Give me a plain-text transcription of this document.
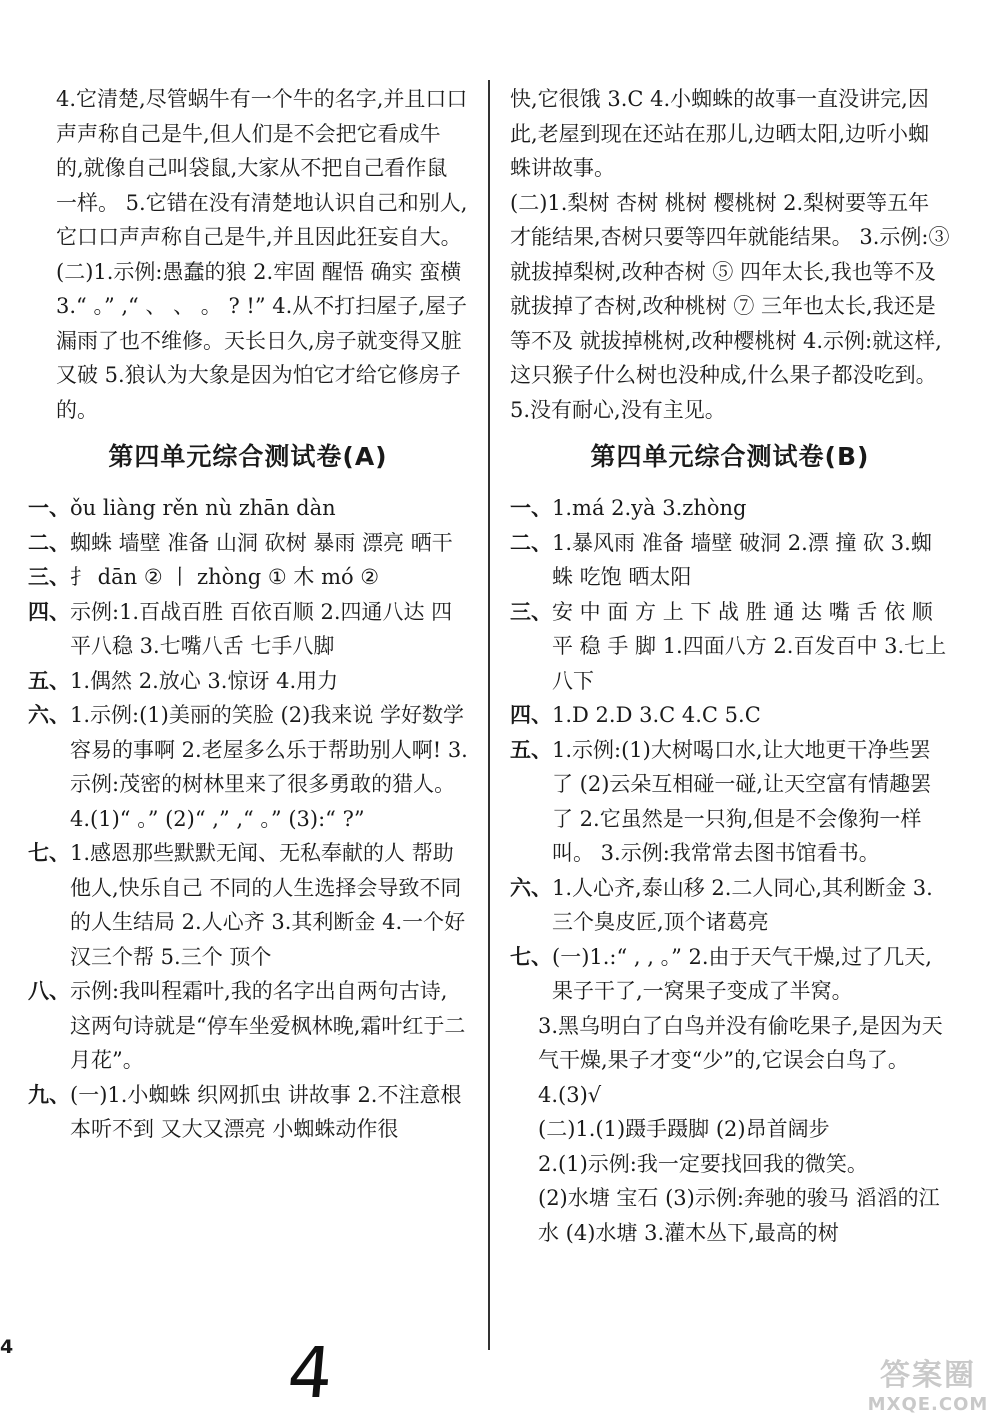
4.它清楚,尽管蜗牛有一个牛的名字,并且口口声声称自己是牛,但人们是不会把它看成牛的,就像自己叫袋鼠,大家从不把自己看作鼠一样。 5.它错在没有清楚地认识自己和别人,它口口声声称自己是牛,并且因此狂妄自大。

(二)1.示例:愚蠢的狼 2.牢固 醒悟 确实 蛮横 3.“ 。” ,“ 、 、 。 ? !” 4.从不打扫屋子,屋子漏雨了也不维修。天长日久,房子就变得又脏又破 5.狼认为大象是因为怕它才给它修房子的。

第四单元综合测试卷(A)
一、 ǒu liàng rěn nù zhān dàn
二、 蜘蛛 墙壁 准备 山洞 砍树 暴雨 漂亮 晒干
三、 扌 dān ② 丨 zhòng ① 木 mó ②
四、 示例:1.百战百胜 百依百顺 2.四通八达 四平八稳 3.七嘴八舌 七手八脚
五、 1.偶然 2.放心 3.惊讶 4.用力
六、 1.示例:(1)美丽的笑脸 (2)我来说 学好数学 容易的事啊 2.老屋多么乐于帮助别人啊! 3.示例:茂密的树林里来了很多勇敢的猎人。 4.(1)“ 。” (2)“ ,” ,“ 。” (3):“ ?”
七、 1.感恩那些默默无闻、无私奉献的人 帮助他人,快乐自己 不同的人生选择会导致不同的人生结局 2.人心齐 3.其利断金 4.一个好汉三个帮 5.三个 顶个
八、 示例:我叫程霜叶,我的名字出自两句古诗,这两句诗就是“停车坐爱枫林晚,霜叶红于二月花”。
九、 (一)1.小蜘蛛 织网抓虫 讲故事 2.不注意根本听不到 又大又漂亮 小蜘蛛动作很

快,它很饿 3.C 4.小蜘蛛的故事一直没讲完,因此,老屋到现在还站在那儿,边晒太阳,边听小蜘蛛讲故事。

(二)1.梨树 杏树 桃树 樱桃树 2.梨树要等五年才能结果,杏树只要等四年就能结果。 3.示例:③ 就拔掉梨树,改种杏树 ⑤ 四年太长,我也等不及 就拔掉了杏树,改种桃树 ⑦ 三年也太长,我还是等不及 就拔掉桃树,改种樱桃树 4.示例:就这样,这只猴子什么树也没种成,什么果子都没吃到。 5.没有耐心,没有主见。

第四单元综合测试卷(B)
一、 1.má 2.yà 3.zhòng
二、 1.暴风雨 准备 墙壁 破洞 2.漂 撞 砍 3.蜘蛛 吃饱 晒太阳
三、 安 中 面 方 上 下 战 胜 通 达 嘴 舌 依 顺 平 稳 手 脚 1.四面八方 2.百发百中 3.七上八下
四、 1.D 2.D 3.C 4.C 5.C
五、 1.示例:(1)大树喝口水,让大地更干净些罢了 (2)云朵互相碰一碰,让天空富有情趣罢了 2.它虽然是一只狗,但是不会像狗一样叫。 3.示例:我常常去图书馆看书。
六、 1.人心齐,泰山移 2.二人同心,其利断金 3.三个臭皮匠,顶个诸葛亮
七、 (一)1.:“ , , 。” 2.由于天气干燥,过了几天,果子干了,一窝果子变成了半窝。

3.黑乌明白了白鸟并没有偷吃果子,是因为天气干燥,果子才变“少”的,它误会白鸟了。

4.(3)√

(二)1.(1)蹑手蹑脚 (2)昂首阔步

2.(1)示例:我一定要找回我的微笑。

(2)水塘 宝石 (3)示例:奔驰的骏马 滔滔的江水 (4)水塘 3.灌木丛下,最高的树

4	4	答案圈
MXQE.COM
